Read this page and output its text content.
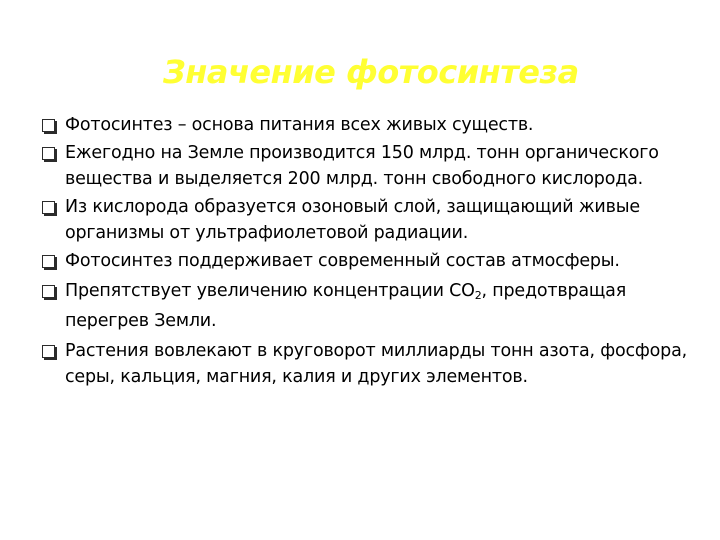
Значение фотосинтеза
Фотосинтез – основа питания всех живых существ.
Ежегодно на Земле производится 150 млрд. тонн органического вещества и выделяется 200 млрд. тонн свободного кислорода.
Из кислорода образуется озоновый слой, защищающий живые организмы от ультрафиолетовой радиации.
Фотосинтез поддерживает современный состав атмосферы.
Препятствует увеличению концентрации $СО_2$, предотвращая перегрев Земли.
Растения вовлекают в круговорот миллиарды тонн азота, фосфора, серы, кальция, магния, калия и других элементов.
